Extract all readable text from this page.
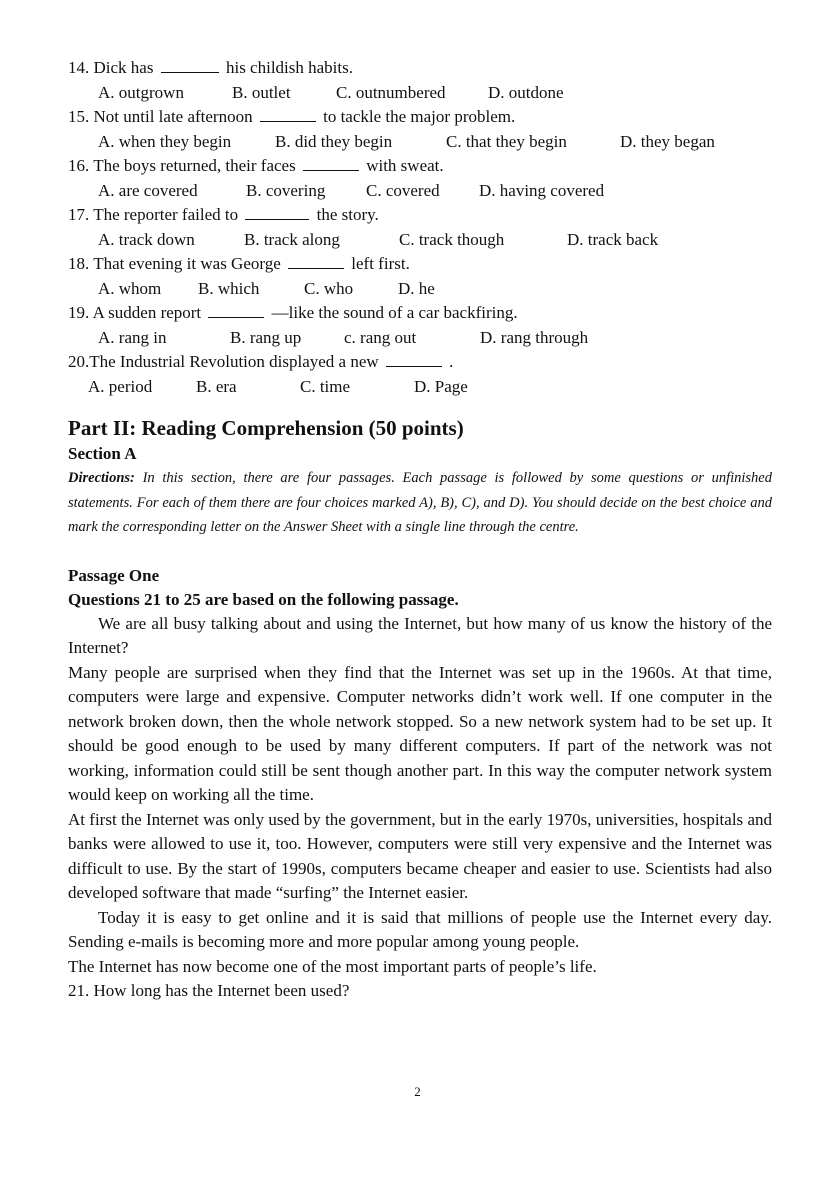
14. Dick has	his childish habits.
A. outgrown	B. outlet	C. outnumbered D. outdone
15. Not until late afternoon	to tackle the major problem.
A. when they begin	B. did they begin	C. that they begin	D. they began
16. The boys returned, their faces	with sweat.
A. are covered	B. covering C. covered D. having covered
17. The reporter failed to	the story.
A. track down	B. track along	C. track though	D. track back
18. That evening it was George	left first.
A. whom B. which	C. who	D. he
19. A sudden report	—like the sound of a car backfiring.
A. rang in	B. rang up	c. rang out	D. rang through
20.The Industrial Revolution displayed a new	.
A. period	B. era	C. time	D. Page
Part II: Reading Comprehension (50 points)
Section A

Directions: In this section, there are four passages. Each passage is followed by some questions or unfinished statements. For each of them there are four choices marked A), B), C), and D). You should decide on the best choice and mark the corresponding letter on the Answer Sheet with a single line through the centre.

Passage One
Questions 21 to 25 are based on the following passage.

We are all busy talking about and using the Internet, but how many of us know the history of the Internet?

Many people are surprised when they find that the Internet was set up in the 1960s. At that time, computers were large and expensive. Computer networks didn’t work well. If one computer in the network broken down, then the whole network stopped. So a new network system had to be set up. It should be good enough to be used by many different computers. If part of the network was not working, information could still be sent though another part. In this way the computer network system would keep on working all the time.

At first the Internet was only used by the government, but in the early 1970s, universities, hospitals and banks were allowed to use it, too. However, computers were still very expensive and the Internet was difficult to use. By the start of 1990s, computers became cheaper and easier to use. Scientists had also developed software that made “surfing” the Internet easier.

Today it is easy to get online and it is said that millions of people use the Internet every day. Sending e-mails is becoming more and more popular among young people.

The Internet has now become one of the most important parts of people’s life.

21. How long has the Internet been used?

2
